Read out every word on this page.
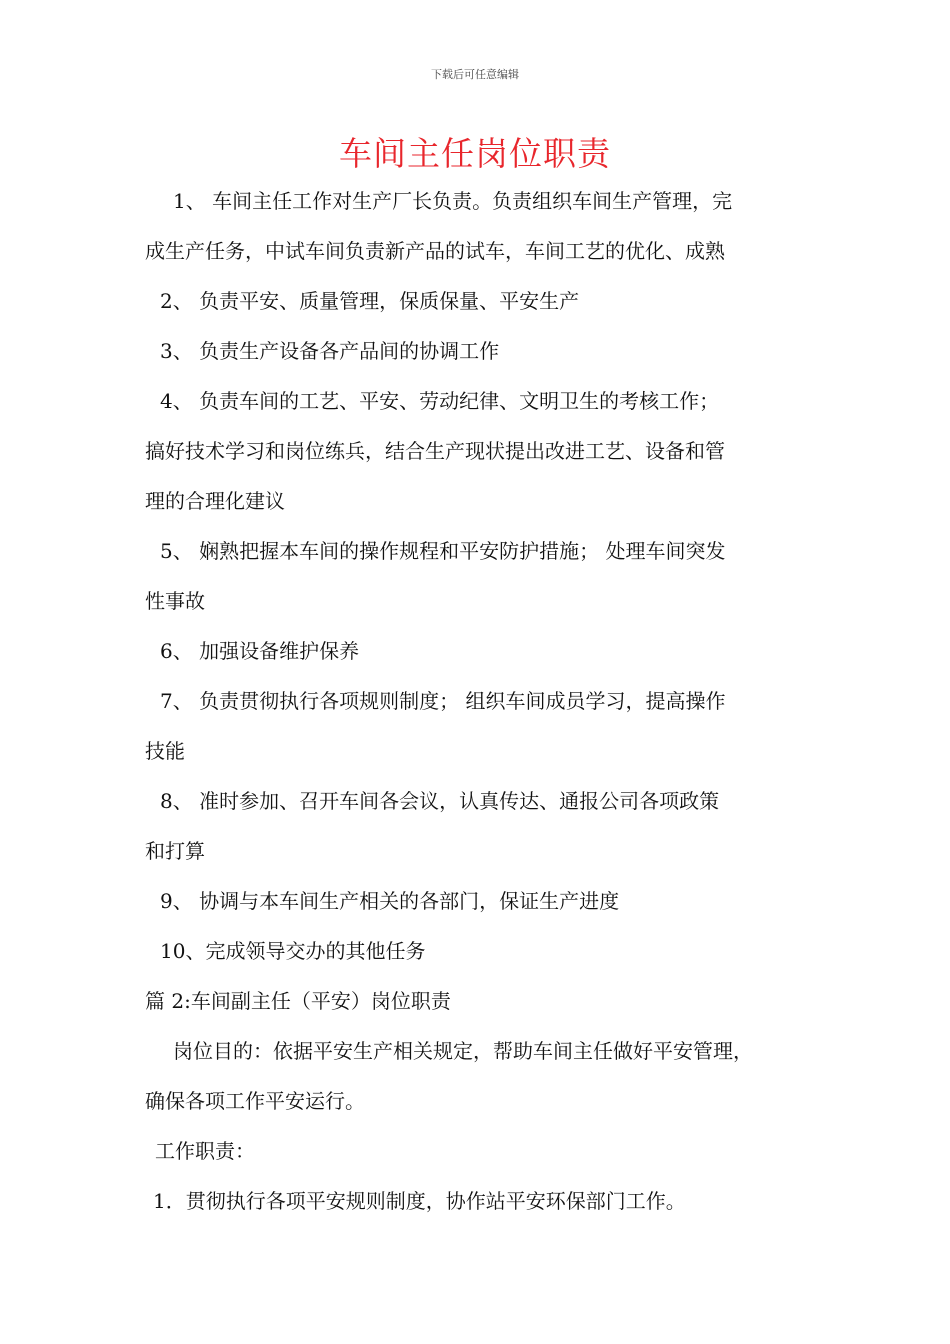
下载后可任意编辑
车间主任岗位职责
1、 车间主任工作对生产厂长负责。负责组织车间生产管理，完
成生产任务，中试车间负责新产品的试车，车间工艺的优化、成熟
2、 负责平安、质量管理，保质保量、平安生产
3、 负责生产设备各产品间的协调工作
4、 负责车间的工艺、平安、劳动纪律、文明卫生的考核工作；
搞好技术学习和岗位练兵，结合生产现状提出改进工艺、设备和管
理的合理化建议
5、 娴熟把握本车间的操作规程和平安防护措施； 处理车间突发
性事故
6、 加强设备维护保养
7、 负责贯彻执行各项规则制度； 组织车间成员学习，提高操作
技能
8、 准时参加、召开车间各会议，认真传达、通报公司各项政策
和打算
9、 协调与本车间生产相关的各部门，保证生产进度
10、完成领导交办的其他任务
篇 2:车间副主任（平安）岗位职责
岗位目的：依据平安生产相关规定，帮助车间主任做好平安管理，
确保各项工作平安运行。
工作职责：
1．贯彻执行各项平安规则制度，协作站平安环保部门工作。
